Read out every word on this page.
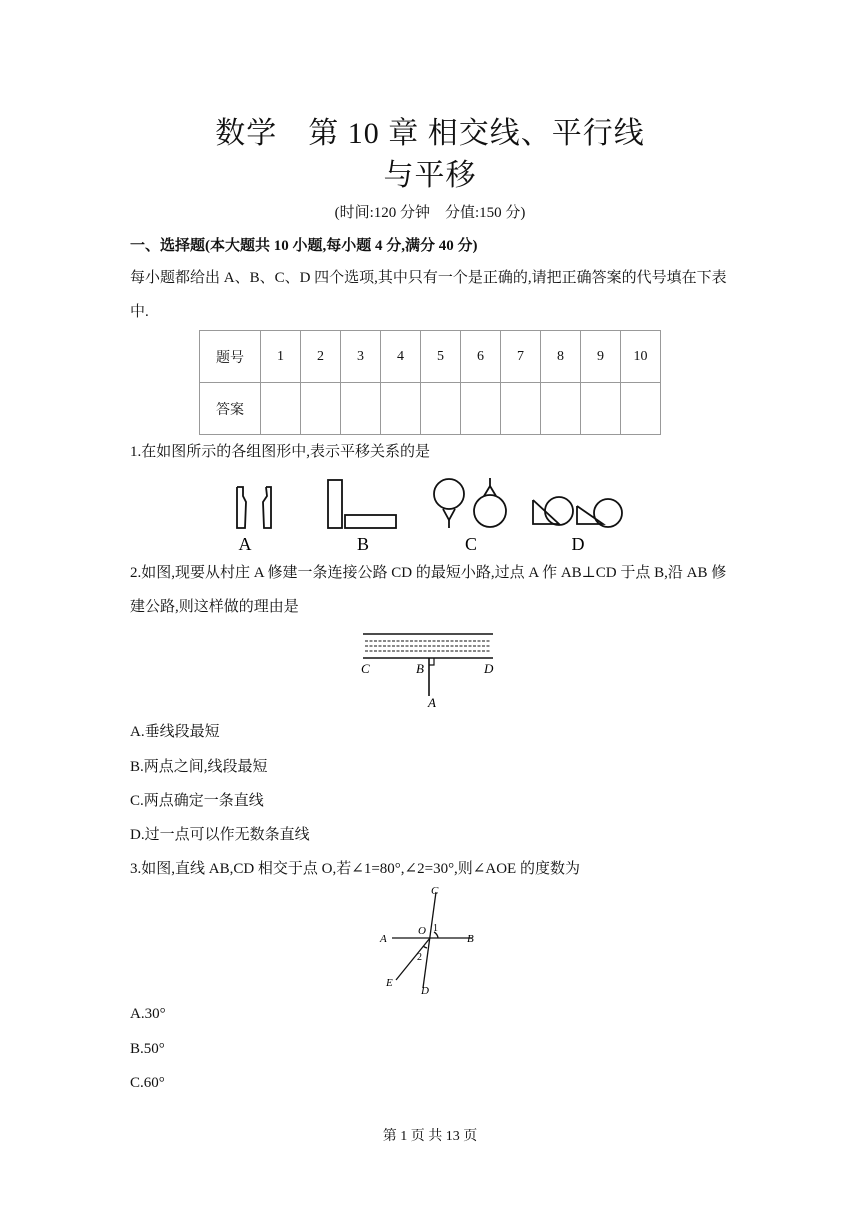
数学　第 10 章 相交线、平行线
与平移
(时间:120 分钟　分值:150 分)
一、选择题(本大题共 10 小题,每小题 4 分,满分 40 分)
每小题都给出 A、B、C、D 四个选项,其中只有一个是正确的,请把正确答案的代号填在下表
中.
题号	1	2	3	4	5	6	7	8	9	10
答案										
1.在如图所示的各组图形中,表示平移关系的是
A	B	C	D
2.如图,现要从村庄 A 修建一条连接公路 CD 的最短小路,过点 A 作 AB⊥CD 于点 B,沿 AB 修
建公路,则这样做的理由是
C	B	D
A
A.垂线段最短
B.两点之间,线段最短
C.两点确定一条直线
D.过一点可以作无数条直线
3.如图,直线 AB,CD 相交于点 O,若∠1=80°,∠2=30°,则∠AOE 的度数为
C
A
O 1
B
2
E
D
A.30°
B.50°
C.60°
第 1 页 共 13 页
